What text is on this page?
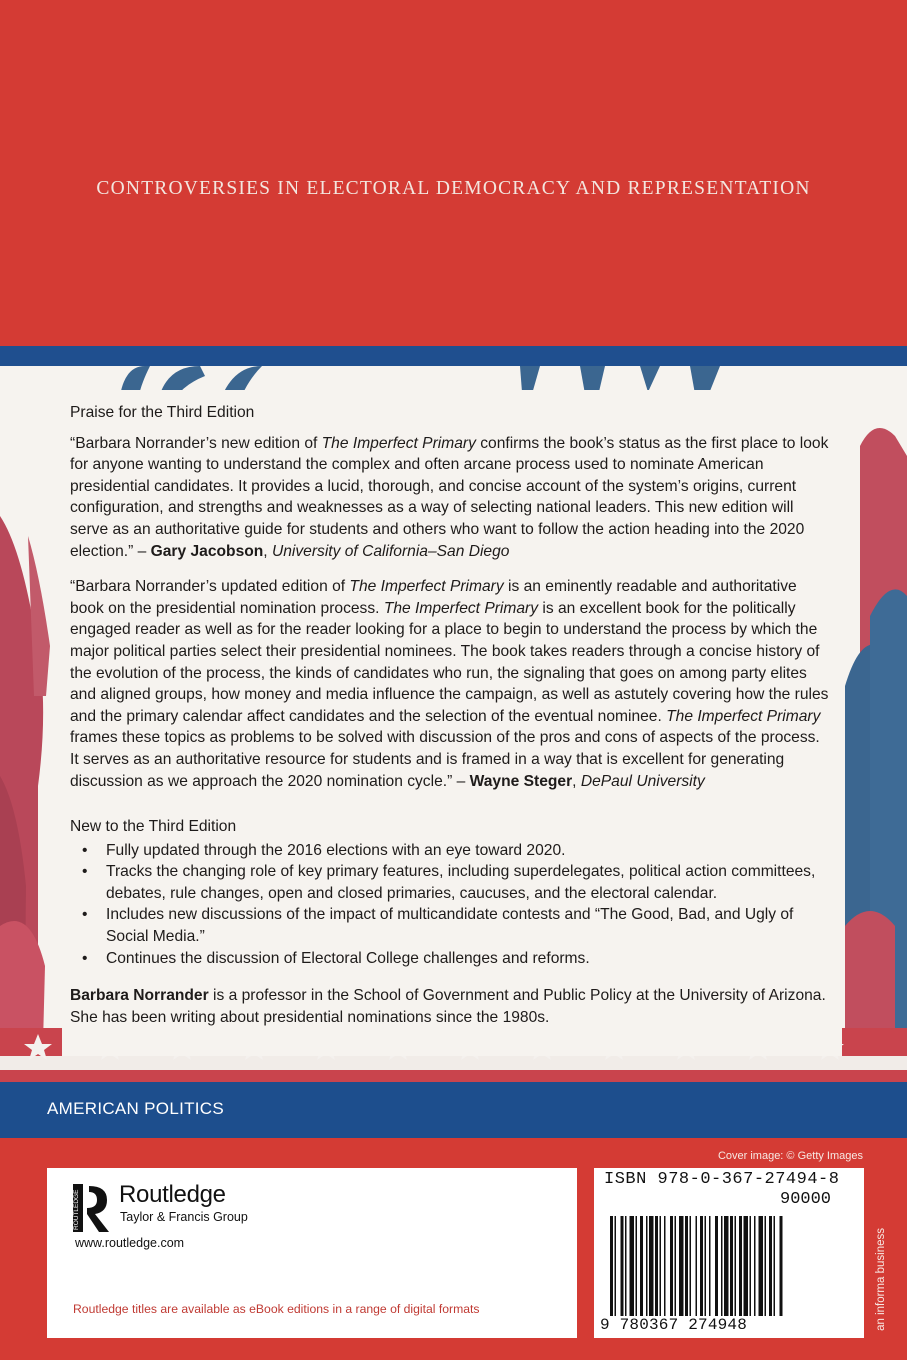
CONTROVERSIES IN ELECTORAL DEMOCRACY AND REPRESENTATION

Praise for the Third Edition

“Barbara Norrander’s new edition of The Imperfect Primary confirms the book’s status as the first place to look for anyone wanting to understand the complex and often arcane process used to nominate American presidential candidates. It provides a lucid, thorough, and concise account of the system’s origins, current configuration, and strengths and weaknesses as a way of selecting national leaders. This new edition will serve as an authoritative guide for students and others who want to follow the action heading into the 2020 election.” – Gary Jacobson, University of California–San Diego

“Barbara Norrander’s updated edition of The Imperfect Primary is an eminently readable and authoritative book on the presidential nomination process. The Imperfect Primary is an excellent book for the politically engaged reader as well as for the reader looking for a place to begin to understand the process by which the major political parties select their presidential nominees. The book takes readers through a concise history of the evolution of the process, the kinds of candidates who run, the signaling that goes on among party elites and aligned groups, how money and media influence the campaign, as well as astutely covering how the rules and the primary calendar affect candidates and the selection of the eventual nominee. The Imperfect Primary frames these topics as problems to be solved with discussion of the pros and cons of aspects of the process. It serves as an authoritative resource for students and is framed in a way that is excellent for generating discussion as we approach the 2020 nomination cycle.” – Wayne Steger, DePaul University

New to the Third Edition

• Fully updated through the 2016 elections with an eye toward 2020.
• Tracks the changing role of key primary features, including superdelegates, political action committees, debates, rule changes, open and closed primaries, caucuses, and the electoral calendar.
• Includes new discussions of the impact of multicandidate contests and “The Good, Bad, and Ugly of Social Media.”
• Continues the discussion of Electoral College challenges and reforms.

Barbara Norrander is a professor in the School of Government and Public Policy at the University of Arizona. She has been writing about presidential nominations since the 1980s.

AMERICAN POLITICS
Cover image: © Getty Images
ROUTLEDGE Routledge
Taylor & Francis Group
www.routledge.com
Routledge titles are available as eBook editions in a range of digital formats
ISBN 978-0-367-27494-8
90000
9 780367 274948	an informa business
